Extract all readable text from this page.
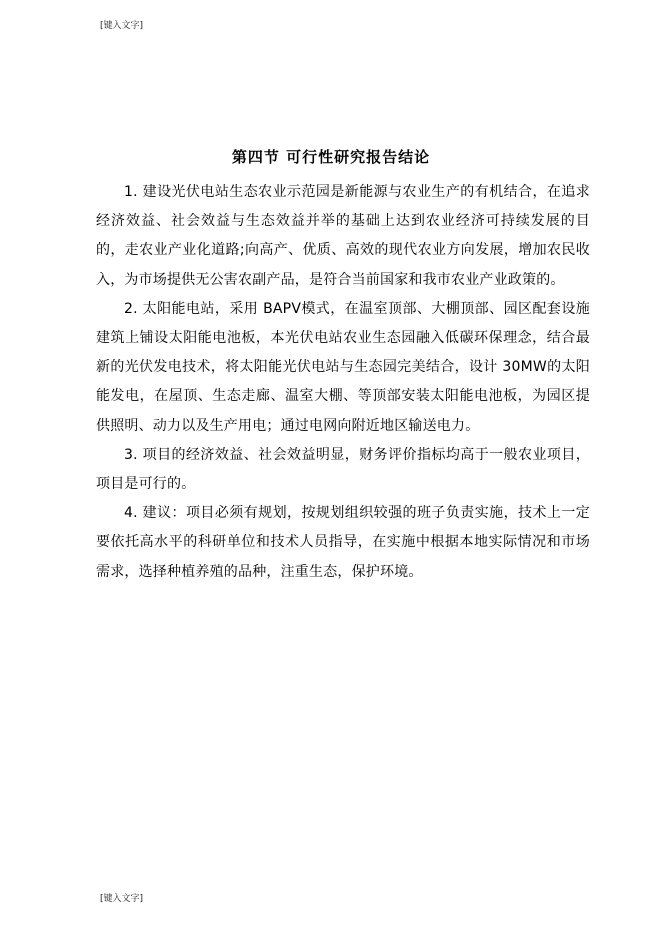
[键入文字]
第四节 可行性研究报告结论

1. 建设光伏电站生态农业示范园是新能源与农业生产的有机结合，在追求经济效益、社会效益与生态效益并举的基础上达到农业经济可持续发展的目的，走农业产业化道路;向高产、优质、高效的现代农业方向发展，增加农民收入，为市场提供无公害农副产品，是符合当前国家和我市农业产业政策的。

2. 太阳能电站，采用 BAPV模式，在温室顶部、大棚顶部、园区配套设施建筑上铺设太阳能电池板，本光伏电站农业生态园融入低碳环保理念，结合最新的光伏发电技术，将太阳能光伏电站与生态园完美结合，设计 30MW的太阳能发电，在屋顶、生态走廊、温室大棚、等顶部安装太阳能电池板，为园区提供照明、动力以及生产用电；通过电网向附近地区输送电力。

3. 项目的经济效益、社会效益明显，财务评价指标均高于一般农业项目，项目是可行的。

4. 建议：项目必须有规划，按规划组织较强的班子负责实施，技术上一定要依托高水平的科研单位和技术人员指导，在实施中根据本地实际情况和市场需求，选择种植养殖的品种，注重生态，保护环境。

[键入文字]
